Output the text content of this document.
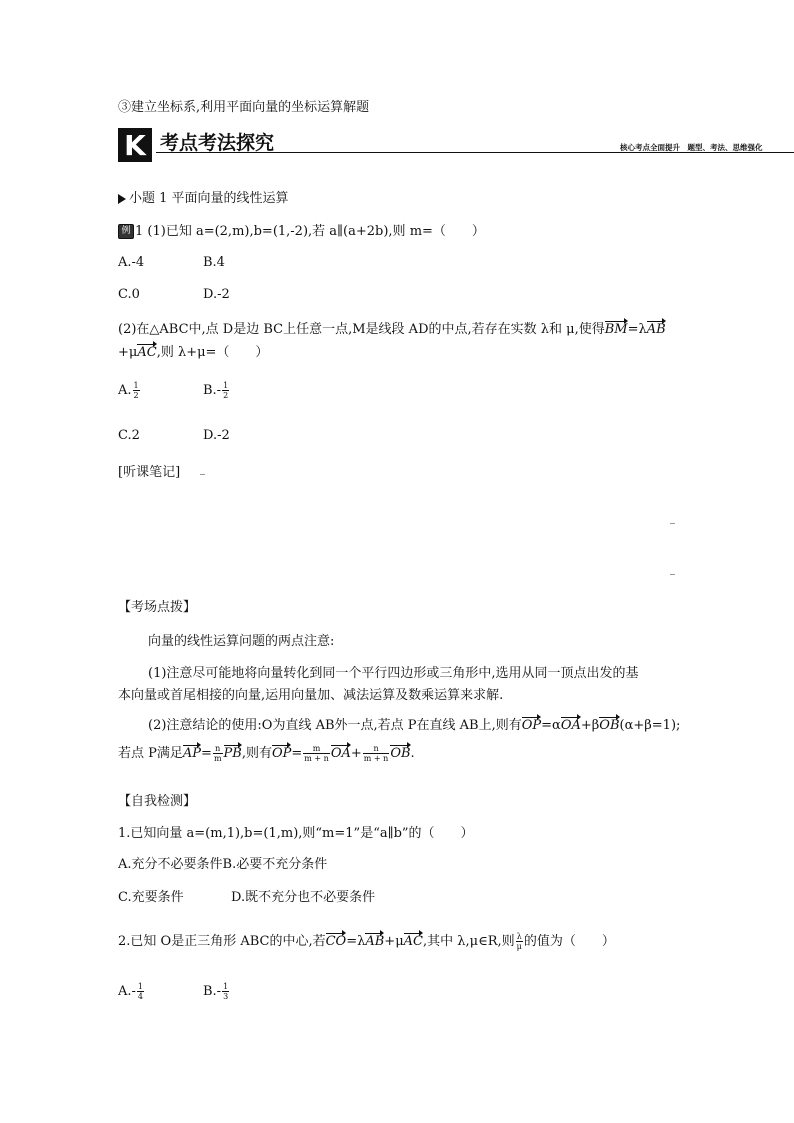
③建立坐标系,利用平面向量的坐标运算解题
K 考点考法探究	核心考点全面提升　题型、考法、思维强化
小题 1 平面向量的线性运算
例 1 (1)已知 a=(2,m),b=(1,-2),若 a∥(a+2b),则 m=（　　）
A.-4	B.4
C.0	D.-2
(2)在△ABC中,点 D是边 BC上任意一点,M是线段 AD的中点,若存在实数 λ和 μ,使得BM=λAB
+μAC,则 λ+μ=（　　）
A. $\frac{1}{2}$	$B.- \frac{1}{2}$
C.2	D.-2
[听课笔记]
【考场点拨】
向量的线性运算问题的两点注意:
(1)注意尽可能地将向量转化到同一个平行四边形或三角形中,选用从同一顶点出发的基
本向量或首尾相接的向量,运用向量加、减法运算及数乘运算来求解.
(2)注意结论的使用:O为直线 AB外一点,若点 P在直线 AB上,则有OP=αOA+βOB(α+β=1);
若点 P满足$AP= \frac{n}{m}$ PB,则有$OP= \frac{m}{m + n} OA+ \frac{n}{m + n}$ OB.
【自我检测】
1.已知向量 a=(m,1),b=(1,m),则“m=1”是“a∥b”的（　　）
A.充分不必要条件B.必要不充分条件
C.充要条件	D.既不充分也不必要条件
2.已知 O是正三角形 ABC的中心,若CO=λAB+μAC,其中 λ,μ∈R,则 $\frac{\lambda}{\mu}$ 的值为（　　）
$A.- \frac{1}{4}$	$B.- \frac{1}{3}$
